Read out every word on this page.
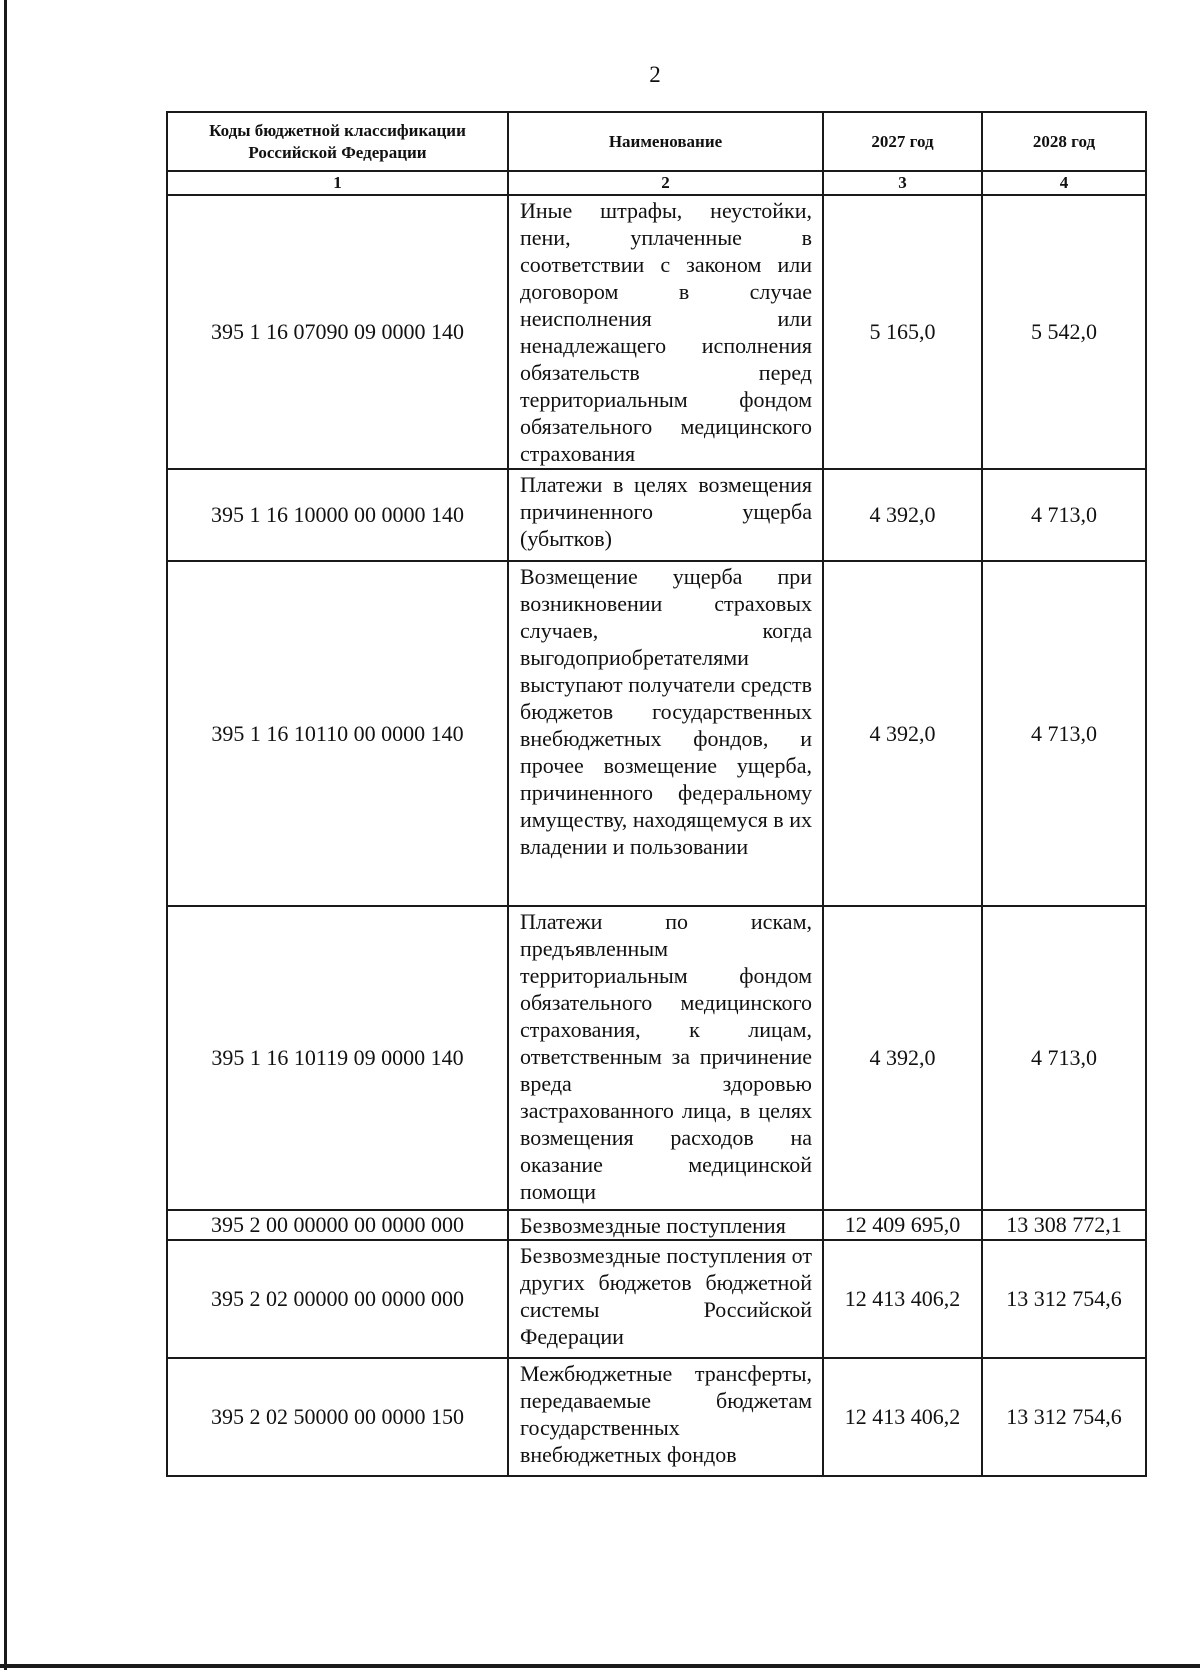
2
Коды бюджетной классификации Российской Федерации	Наименование	2027 год	2028 год
1	2	3	4
395 1 16 07090 09 0000 140	Иные штрафы, неустойки, пени, уплаченные в соответствии с законом или договором в случае неисполнения или ненадлежащего исполнения обязательств перед территориальным фондом обязательного медицинского страхования	5 165,0	5 542,0
395 1 16 10000 00 0000 140	Платежи в целях возмещения причиненного ущерба (убытков)	4 392,0	4 713,0
395 1 16 10110 00 0000 140	Возмещение ущерба при возникновении страховых случаев, когда выгодоприобретателями выступают получатели средств бюджетов государственных внебюджетных фондов, и прочее возмещение ущерба, причиненного федеральному имуществу, находящемуся в их владении и пользовании	4 392,0	4 713,0
395 1 16 10119 09 0000 140	Платежи по искам, предъявленным территориальным фондом обязательного медицинского страхования, к лицам, ответственным за причинение вреда здоровью застрахованного лица, в целях возмещения расходов на оказание медицинской помощи	4 392,0	4 713,0
395 2 00 00000 00 0000 000	Безвозмездные поступления	12 409 695,0	13 308 772,1
395 2 02 00000 00 0000 000	Безвозмездные поступления от других бюджетов бюджетной системы Российской Федерации	12 413 406,2	13 312 754,6
395 2 02 50000 00 0000 150	Межбюджетные трансферты, передаваемые бюджетам государственных внебюджетных фондов	12 413 406,2	13 312 754,6
